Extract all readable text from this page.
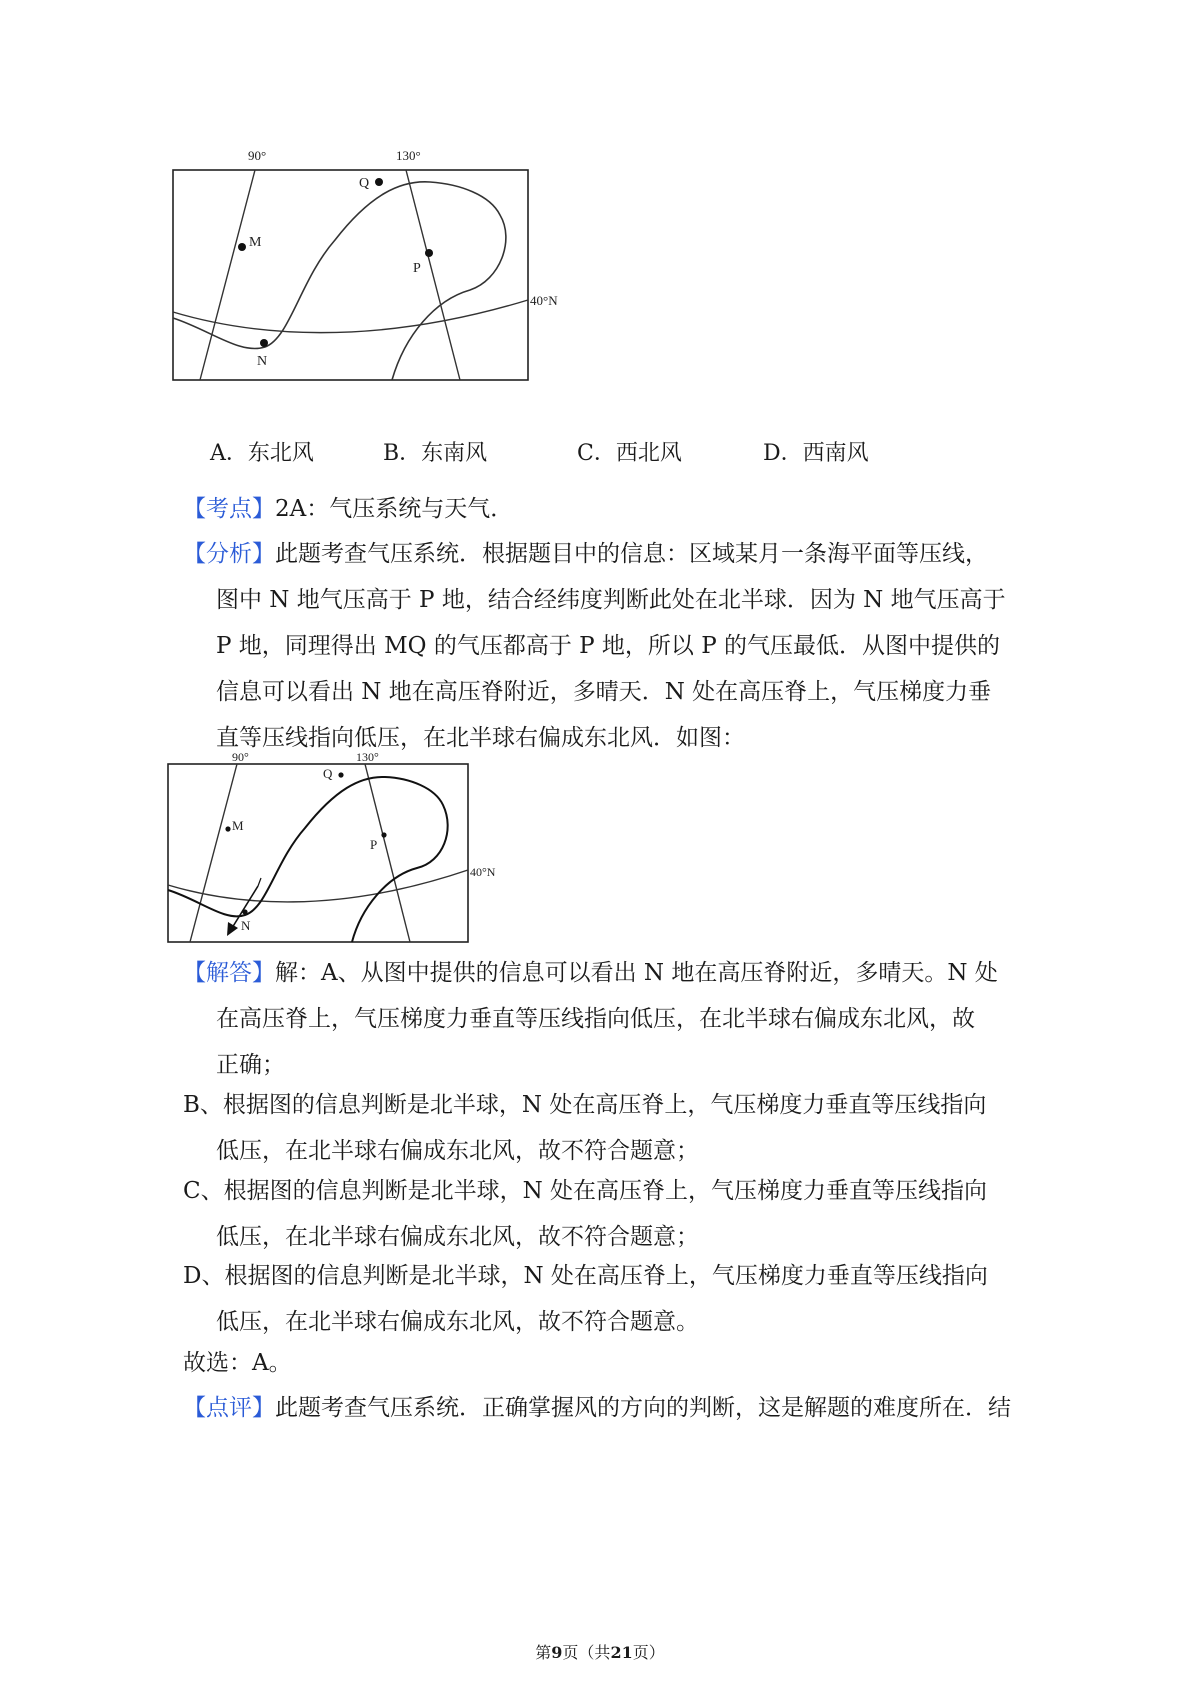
90°	130°
40°N
M
N
P
Q
A．东北风	B．东南风	C．西北风	D．西南风
【考点】2A：气压系统与天气．
【分析】此题考查气压系统．根据题目中的信息：区域某月一条海平面等压线，
图中 N 地气压高于 P 地，结合经纬度判断此处在北半球．因为 N 地气压高于
P 地，同理得出 MQ 的气压都高于 P 地，所以 P 的气压最低．从图中提供的
信息可以看出 N 地在高压脊附近，多晴天．N 处在高压脊上，气压梯度力垂
直等压线指向低压，在北半球右偏成东北风．如图：
90°	130°
40°N
M
N
P
Q
【解答】解：A、从图中提供的信息可以看出 N 地在高压脊附近，多晴天。N 处
在高压脊上，气压梯度力垂直等压线指向低压，在北半球右偏成东北风，故
正确；
B、根据图的信息判断是北半球，N 处在高压脊上，气压梯度力垂直等压线指向
低压，在北半球右偏成东北风，故不符合题意；
C、根据图的信息判断是北半球，N 处在高压脊上，气压梯度力垂直等压线指向
低压，在北半球右偏成东北风，故不符合题意；
D、根据图的信息判断是北半球，N 处在高压脊上，气压梯度力垂直等压线指向
低压，在北半球右偏成东北风，故不符合题意。
故选：A。
【点评】此题考查气压系统．正确掌握风的方向的判断，这是解题的难度所在．结
第9页（共21页）
